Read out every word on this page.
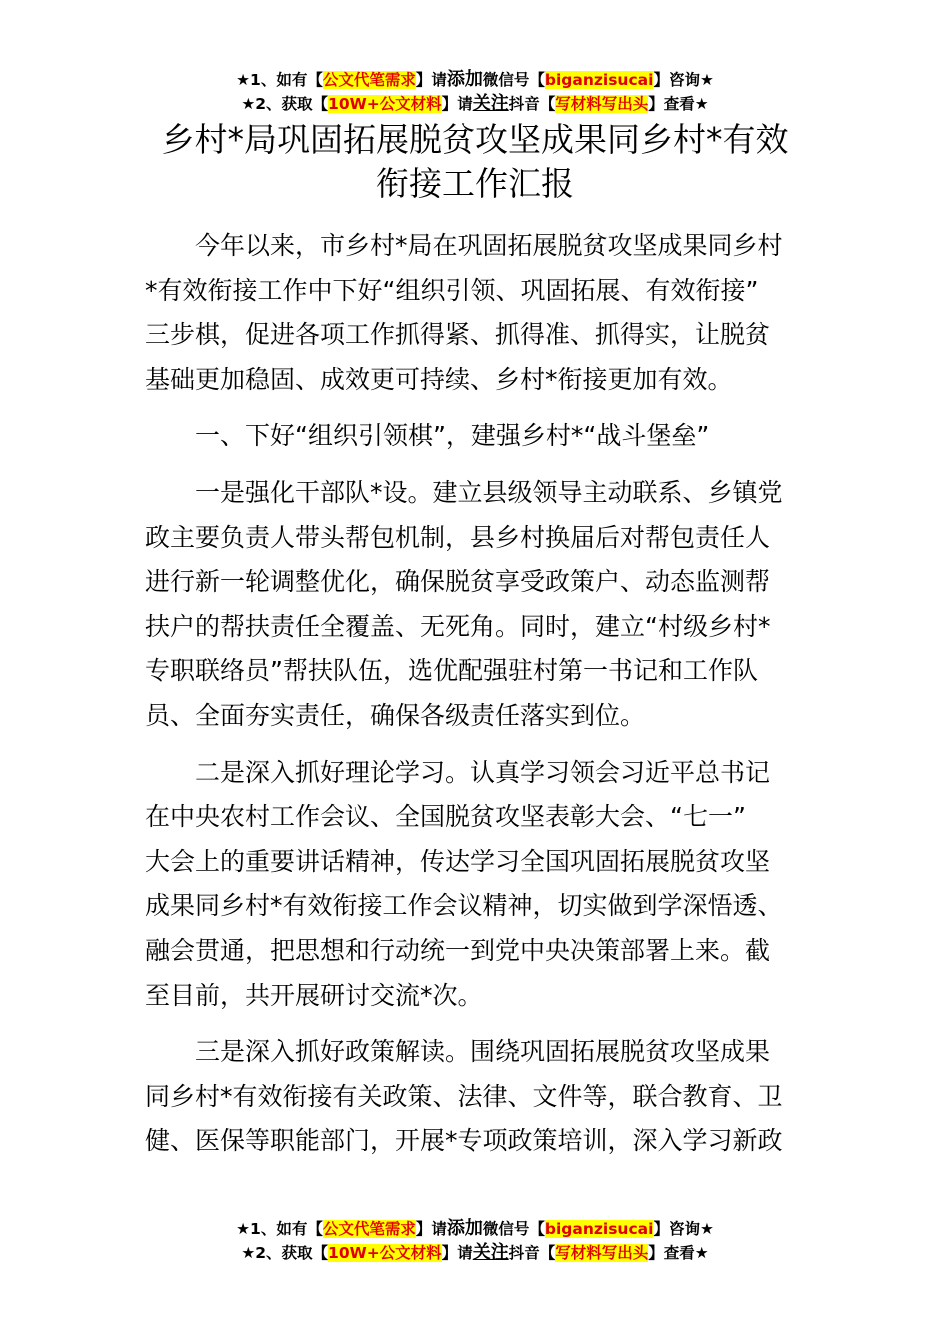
★1、如有【公文代笔需求】请添加微信号【biganzisucai】咨询★
★2、获取【10W+公文材料】请关注抖音【写材料写出头】查看★
乡村*局巩固拓展脱贫攻坚成果同乡村*有效
衔接工作汇报
今年以来，市乡村*局在巩固拓展脱贫攻坚成果同乡村
*有效衔接工作中下好“组织引领、巩固拓展、有效衔接”
三步棋，促进各项工作抓得紧、抓得准、抓得实，让脱贫
基础更加稳固、成效更可持续、乡村*衔接更加有效。
一、下好“组织引领棋”，建强乡村*“战斗堡垒”
一是强化干部队*设。建立县级领导主动联系、乡镇党
政主要负责人带头帮包机制，县乡村换届后对帮包责任人
进行新一轮调整优化，确保脱贫享受政策户、动态监测帮
扶户的帮扶责任全覆盖、无死角。同时，建立“村级乡村*
专职联络员”帮扶队伍，选优配强驻村第一书记和工作队
员、全面夯实责任，确保各级责任落实到位。
二是深入抓好理论学习。认真学习领会习近平总书记
在中央农村工作会议、全国脱贫攻坚表彰大会、“七一”
大会上的重要讲话精神，传达学习全国巩固拓展脱贫攻坚
成果同乡村*有效衔接工作会议精神，切实做到学深悟透、
融会贯通，把思想和行动统一到党中央决策部署上来。截
至目前，共开展研讨交流*次。
三是深入抓好政策解读。围绕巩固拓展脱贫攻坚成果
同乡村*有效衔接有关政策、法律、文件等，联合教育、卫
健、医保等职能部门，开展*专项政策培训，深入学习新政
★1、如有【公文代笔需求】请添加微信号【biganzisucai】咨询★
★2、获取【10W+公文材料】请关注抖音【写材料写出头】查看★
